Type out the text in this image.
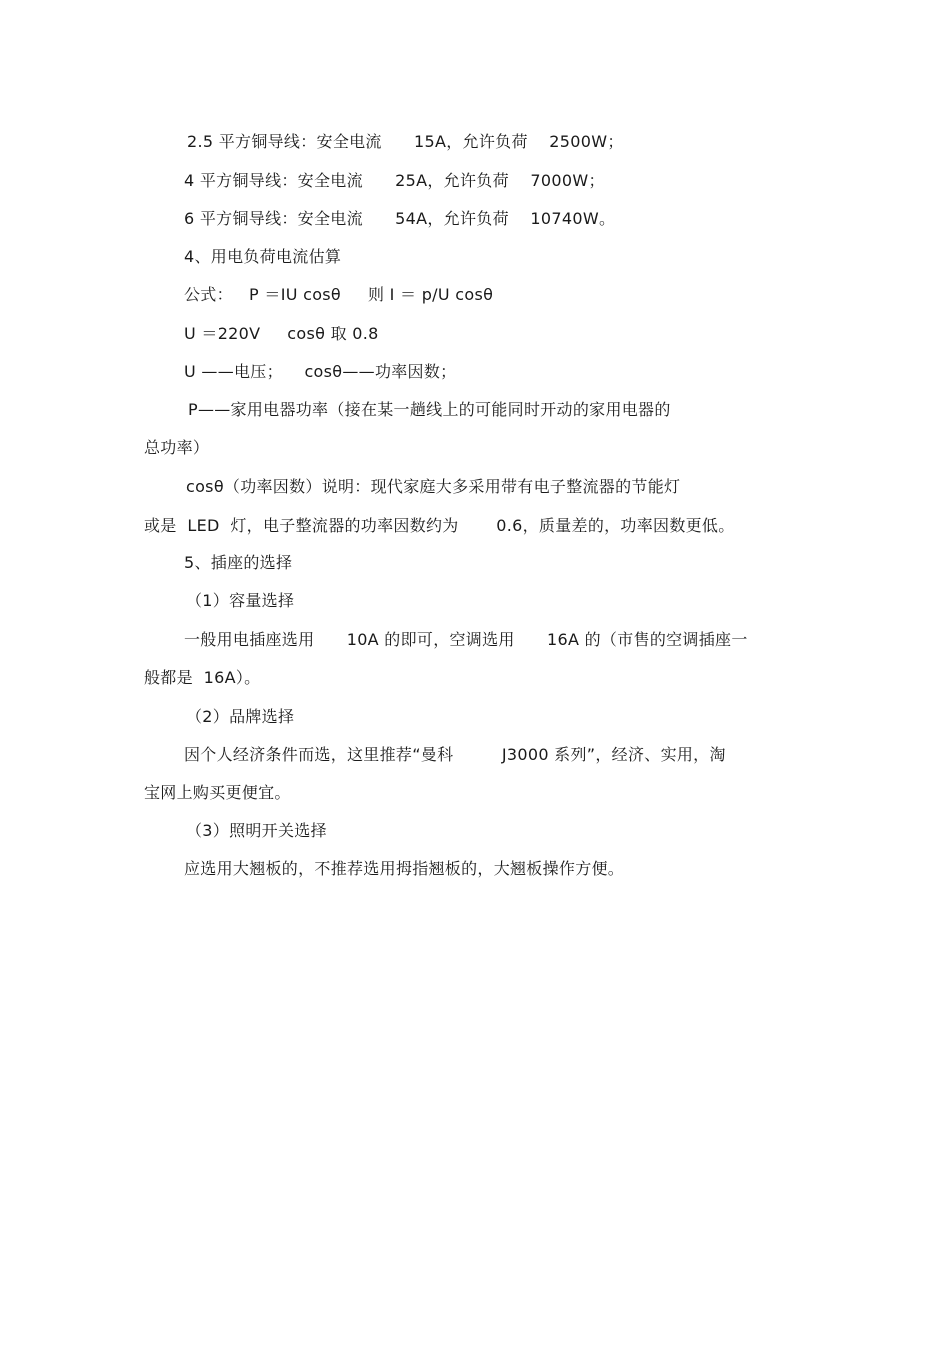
2.5 平方铜导线：安全电流      15A，允许负荷    2500W；
4 平方铜导线：安全电流      25A，允许负荷    7000W；
6 平方铜导线：安全电流      54A，允许负荷    10740W。
4、用电负荷电流估算
公式：   P ＝IU cosθ     则 I ＝ p/U cosθ
U ＝220V     cosθ 取 0.8
U ——电压；    cosθ——功率因数；
P——家用电器功率（接在某一趟线上的可能同时开动的家用电器的
总功率）
cosθ（功率因数）说明：现代家庭大多采用带有电子整流器的节能灯
或是  LED  灯，电子整流器的功率因数约为       0.6，质量差的，功率因数更低。
5、插座的选择
（1）容量选择
一般用电插座选用      10A 的即可，空调选用      16A 的（市售的空调插座一
般都是  16A）。
（2）品牌选择
因个人经济条件而选，这里推荐“曼科         J3000 系列”，经济、实用，淘
宝网上购买更便宜。
（3）照明开关选择
应选用大翘板的，不推荐选用拇指翘板的，大翘板操作方便。
